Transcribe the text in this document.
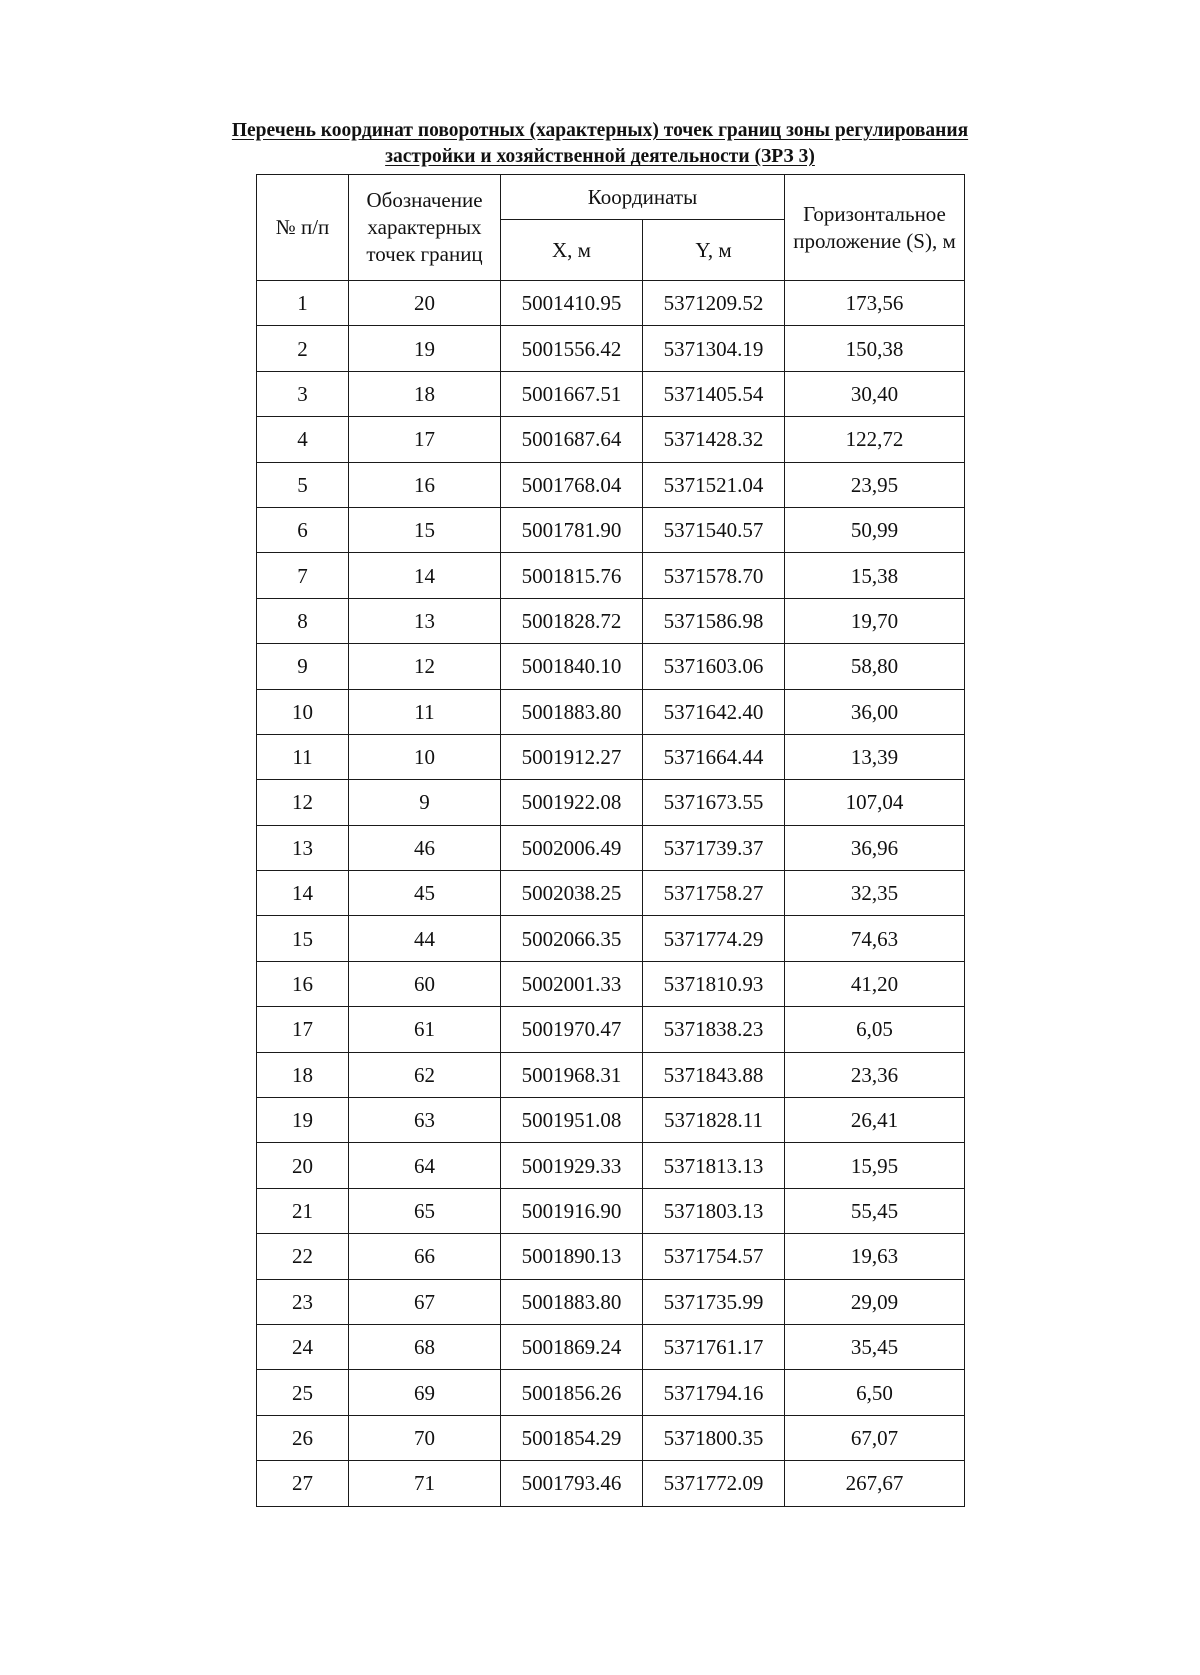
Перечень координат поворотных (характерных) точек границ зоны регулирования
застройки и хозяйственной деятельности (ЗРЗ 3)
№ п/п	Обозначение характерных точек границ	Координаты		Горизонтальное проложение (S), м
		X, м	Y, м	
1	20	5001410.95	5371209.52	173,56
2	19	5001556.42	5371304.19	150,38
3	18	5001667.51	5371405.54	30,40
4	17	5001687.64	5371428.32	122,72
5	16	5001768.04	5371521.04	23,95
6	15	5001781.90	5371540.57	50,99
7	14	5001815.76	5371578.70	15,38
8	13	5001828.72	5371586.98	19,70
9	12	5001840.10	5371603.06	58,80
10	11	5001883.80	5371642.40	36,00
11	10	5001912.27	5371664.44	13,39
12	9	5001922.08	5371673.55	107,04
13	46	5002006.49	5371739.37	36,96
14	45	5002038.25	5371758.27	32,35
15	44	5002066.35	5371774.29	74,63
16	60	5002001.33	5371810.93	41,20
17	61	5001970.47	5371838.23	6,05
18	62	5001968.31	5371843.88	23,36
19	63	5001951.08	5371828.11	26,41
20	64	5001929.33	5371813.13	15,95
21	65	5001916.90	5371803.13	55,45
22	66	5001890.13	5371754.57	19,63
23	67	5001883.80	5371735.99	29,09
24	68	5001869.24	5371761.17	35,45
25	69	5001856.26	5371794.16	6,50
26	70	5001854.29	5371800.35	67,07
27	71	5001793.46	5371772.09	267,67
